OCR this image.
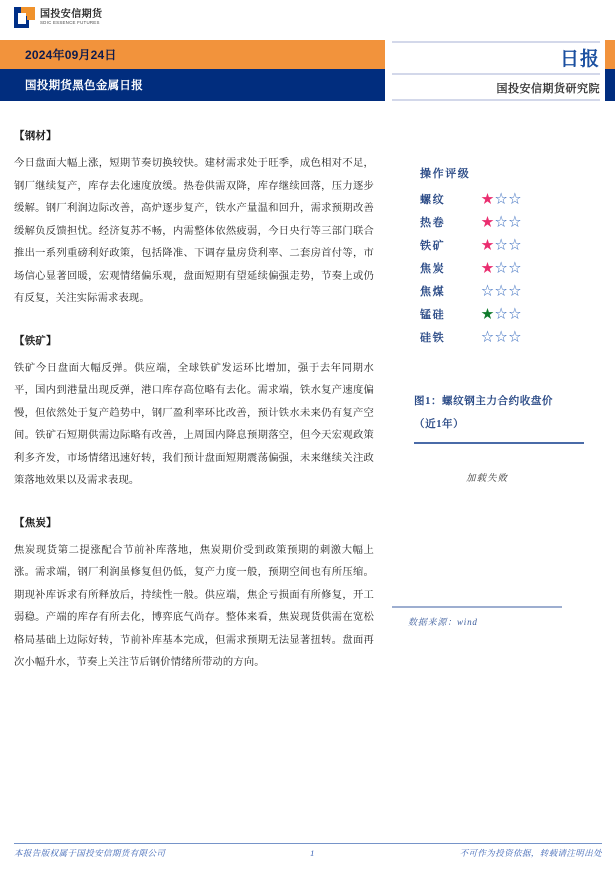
国投安信期货
SDIC ESSENCE FUTURES
2024年09月24日
国投期货黑色金属日报
日报
国投安信期货研究院

【钢材】

今日盘面大幅上涨，短期节奏切换较快。建材需求处于旺季，成色相对不足，钢厂继续复产，库存去化速度放缓。热卷供需双降，库存继续回落，压力逐步缓解。钢厂利润边际改善，高炉逐步复产，铁水产量温和回升，需求预期改善缓解负反馈担忧。经济复苏不畅，内需整体依然疲弱，今日央行等三部门联合推出一系列重磅利好政策，包括降准、下调存量房贷利率、二套房首付等，市场信心显著回暖，宏观情绪偏乐观，盘面短期有望延续偏强走势，节奏上或仍有反复，关注实际需求表现。

【铁矿】

铁矿今日盘面大幅反弹。供应端，全球铁矿发运环比增加，强于去年同期水平，国内到港量出现反弹，港口库存高位略有去化。需求端，铁水复产速度偏慢，但依然处于复产趋势中，钢厂盈利率环比改善，预计铁水未来仍有复产空间。铁矿石短期供需边际略有改善，上周国内降息预期落空，但今天宏观政策利多齐发，市场情绪迅速好转，我们预计盘面短期震荡偏强，未来继续关注政策落地效果以及需求表现。

【焦炭】

焦炭现货第二提涨配合节前补库落地，焦炭期价受到政策预期的刺激大幅上涨。需求端，钢厂利润虽修复但仍低，复产力度一般，预期空间也有所压缩。期现补库诉求有所释放后，持续性一般。供应端，焦企亏损面有所修复，开工弱稳。产端的库存有所去化，博弈底气尚存。整体来看，焦炭现货供需在宽松格局基础上边际好转，节前补库基本完成，但需求预期无法显著扭转。盘面再次小幅升水，节奏上关注节后钢价情绪所带动的方向。

操作评级
螺纹	★☆☆
热卷	★☆☆
铁矿	★☆☆
焦炭	★☆☆
焦煤	☆☆☆
锰硅	★☆☆
硅铁	☆☆☆
图1：螺纹钢主力合约收盘价
（近1年）
加载失败
数据来源：wind
本报告版权属于国投安信期货有限公司	1	不可作为投资依据，转载请注明出处
